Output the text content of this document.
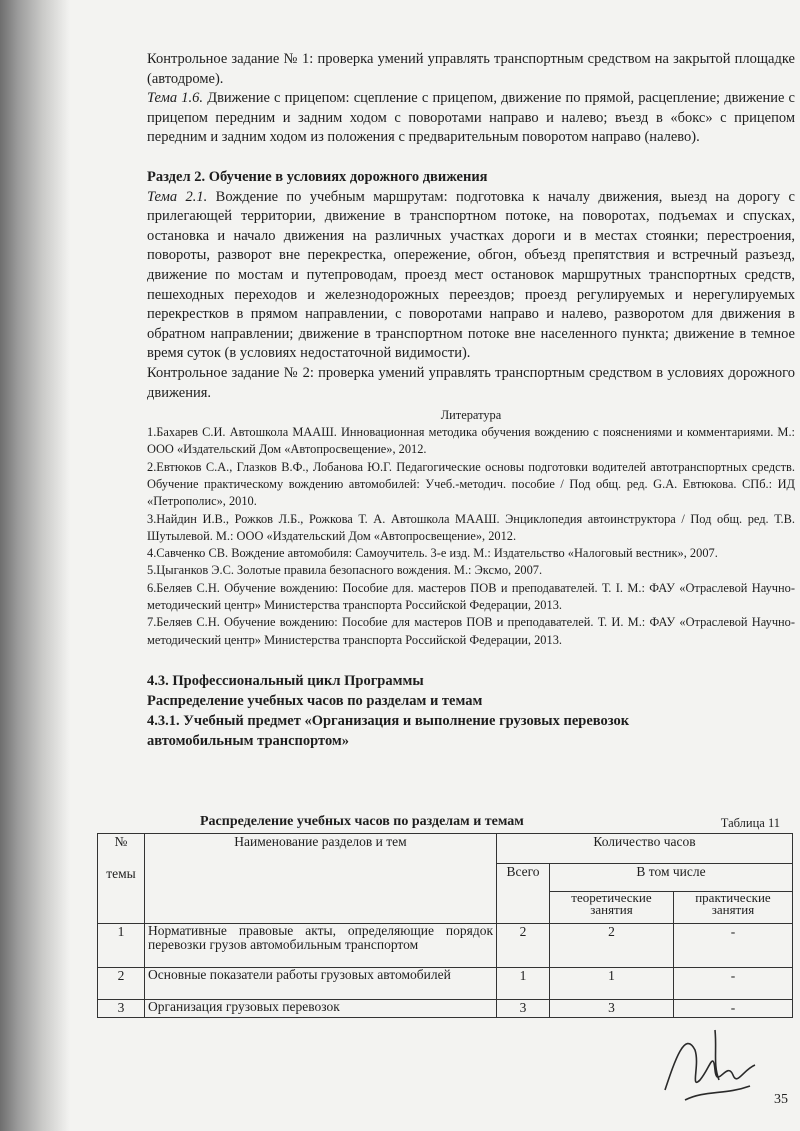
Контрольное задание № 1: проверка умений управлять транспортным средством на закрытой площадке (автодроме).

Тема 1.6. Движение с прицепом: сцепление с прицепом, движение по прямой, расцепление; движение с прицепом передним и задним ходом с поворотами направо и налево; въезд в «бокс» с прицепом передним и задним ходом из положения с предварительным поворотом направо (налево).

Раздел 2. Обучение в условиях дорожного движения

Тема 2.1. Вождение по учебным маршрутам: подготовка к началу движения, выезд на дорогу с прилегающей территории, движение в транспортном потоке, на поворотах, подъемах и спусках, остановка и начало движения на различных участках дороги и в местах стоянки; перестроения, повороты, разворот вне перекрестка, опережение, обгон, объезд препятствия и встречный разъезд, движение по мостам и путепроводам, проезд мест остановок маршрутных транспортных средств, пешеходных переходов и железнодорожных переездов; проезд регулируемых и нерегулируемых перекрестков в прямом направлении, с поворотами направо и налево, разворотом для движения в обратном направлении; движение в транспортном потоке вне населенного пункта; движение в темное время суток (в условиях недостаточной видимости).

Контрольное задание № 2: проверка умений управлять транспортным средством в условиях дорожного движения.

Литература

1.Бахарев С.И. Автошкола МААШ. Инновационная методика обучения вождению с пояснениями и комментариями. М.: ООО «Издательский Дом «Автопросвещение», 2012.

2.Евтюков С.А., Глазков В.Ф., Лобанова Ю.Г. Педагогические основы подготовки водителей автотранспортных средств. Обучение практическому вождению автомобилей: Учеб.-методич. пособие / Под общ. ред. G.A. Евтюкова. СПб.: ИД «Петрополис», 2010.

3.Найдин И.В., Рожков Л.Б., Рожкова Т. А. Автошкола МААШ. Энциклопедия автоинструктора / Под общ. ред. Т.В. Шутылевой. М.: ООО «Издательский Дом «Автопросвещение», 2012.

4.Савченко СВ. Вождение автомобиля: Самоучитель. 3-е изд. М.: Издательство «Налоговый вестник», 2007.

5.Цыганков Э.С. Золотые правила безопасного вождения. М.: Эксмо, 2007.

6.Беляев С.Н. Обучение вождению: Пособие для. мастеров ПОВ и преподавателей. Т. I. М.: ФАУ «Отраслевой Научно-методический центр» Министерства транспорта Российской Федерации, 2013.

7.Беляев С.Н. Обучение вождению: Пособие для мастеров ПОВ и преподавателей. Т. И. М.: ФАУ «Отраслевой Научно-методический центр» Министерства транспорта Российской Федерации, 2013.

4.3. Профессиональный цикл Программы

Распределение учебных часов по разделам и темам

4.3.1. Учебный предмет «Организация и выполнение грузовых перевозок автомобильным транспортом»

Распределение учебных часов по разделам и темам	Таблица 11
№
темы	Наименование разделов и тем	Количество часов		
		Всего	В том числе	
			теоретические занятия	практические занятия
1	Нормативные правовые акты, определяющие порядок перевозки грузов автомобильным транспортом	2	2	-
2	Основные показатели работы грузовых автомобилей	1	1	-
3	Организация грузовых перевозок	3	3	-
35
